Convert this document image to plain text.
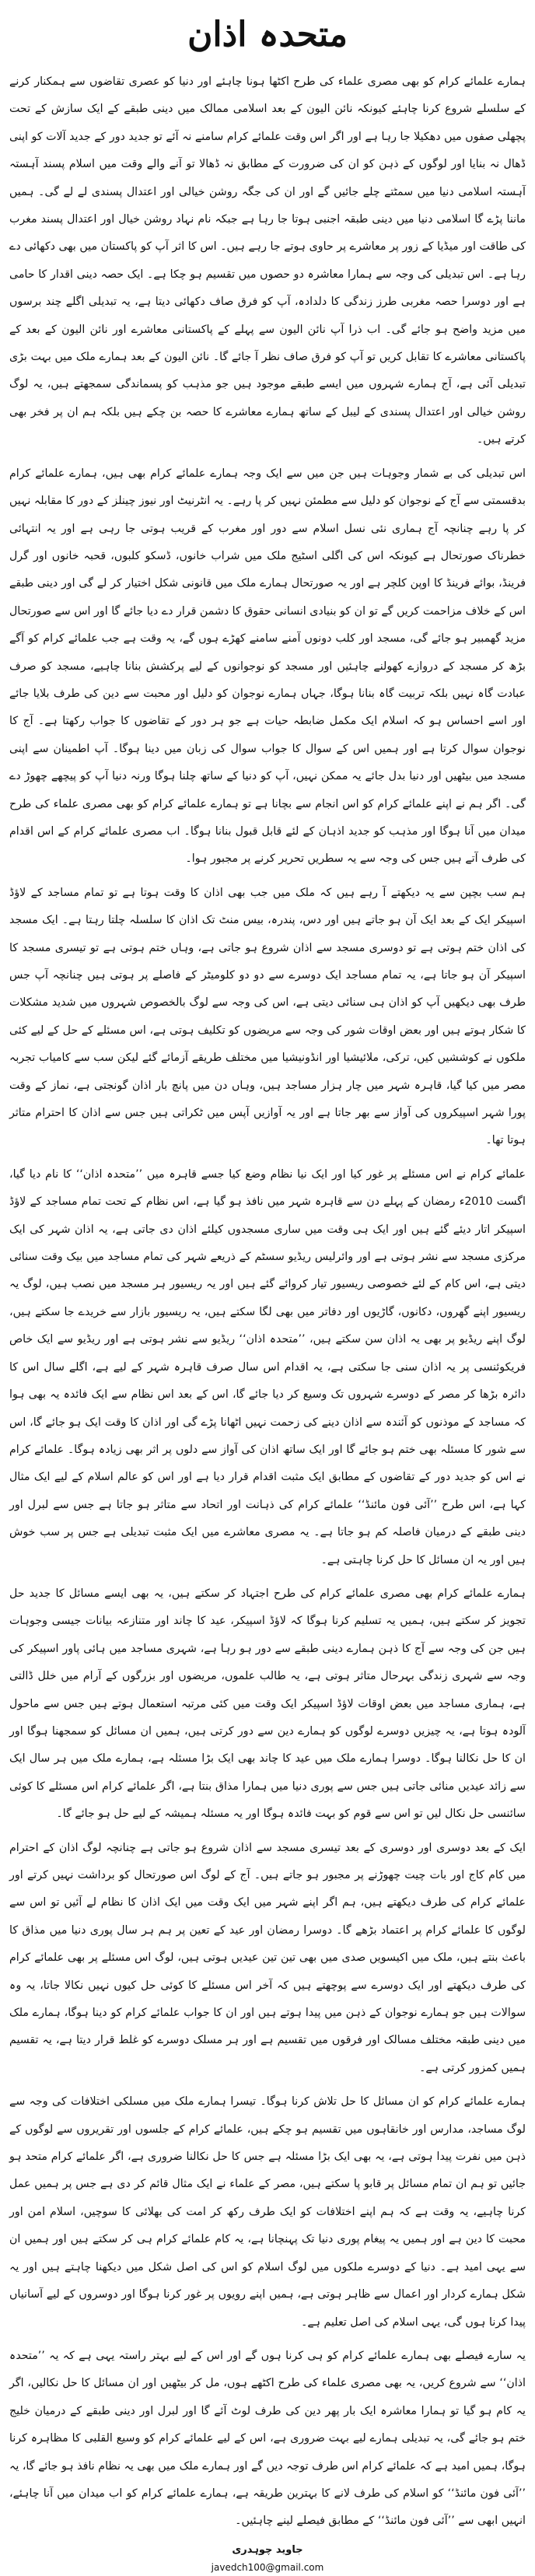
متحدہ اذان

ہمارے علمائے کرام کو بھی مصری علماء کی طرح اکٹھا ہونا چاہئے اور دنیا کو عصری تقاضوں سے ہمکنار کرنے کے سلسلے شروع کرنا چاہئے کیونکہ نائن الیون کے بعد اسلامی ممالک میں دینی طبقے کے ایک سازش کے تحت پچھلی صفوں میں دھکیلا جا رہا ہے اور اگر اس وقت علمائے کرام سامنے نہ آئے تو جدید دور کے جدید آلات کو اپنی ڈھال نہ بنایا اور لوگوں کے ذہن کو ان کی ضرورت کے مطابق نہ ڈھالا تو آنے والے وقت میں اسلام پسند آہستہ آہستہ اسلامی دنیا میں سمٹتے چلے جائیں گے اور ان کی جگہ روشن خیالی اور اعتدال پسندی لے لے گی۔ ہمیں ماننا پڑے گا اسلامی دنیا میں دینی طبقہ اجنبی ہوتا جا رہا ہے جبکہ نام نہاد روشن خیال اور اعتدال پسند مغرب کی طاقت اور میڈیا کے زور پر معاشرے پر حاوی ہوتے جا رہے ہیں۔ اس کا اثر آپ کو پاکستان میں بھی دکھائی دے رہا ہے۔ اس تبدیلی کی وجہ سے ہمارا معاشرہ دو حصوں میں تقسیم ہو چکا ہے۔ ایک حصہ دینی اقدار کا حامی ہے اور دوسرا حصہ مغربی طرز زندگی کا دلدادہ، آپ کو فرق صاف دکھائی دیتا ہے، یہ تبدیلی اگلے چند برسوں میں مزید واضح ہو جائے گی۔ اب ذرا آپ نائن الیون سے پہلے کے پاکستانی معاشرے اور نائن الیون کے بعد کے پاکستانی معاشرے کا تقابل کریں تو آپ کو فرق صاف نظر آ جائے گا۔ نائن الیون کے بعد ہمارے ملک میں بہت بڑی تبدیلی آئی ہے، آج ہمارے شہروں میں ایسے طبقے موجود ہیں جو مذہب کو پسماندگی سمجھتے ہیں، یہ لوگ روشن خیالی اور اعتدال پسندی کے لیبل کے ساتھ ہمارے معاشرے کا حصہ بن چکے ہیں بلکہ ہم ان پر فخر بھی کرتے ہیں۔

اس تبدیلی کی بے شمار وجوہات ہیں جن میں سے ایک وجہ ہمارے علمائے کرام بھی ہیں، ہمارے علمائے کرام بدقسمتی سے آج کے نوجوان کو دلیل سے مطمئن نہیں کر پا رہے۔ یہ انٹرنیٹ اور نیوز چینلز کے دور کا مقابلہ نہیں کر پا رہے چنانچہ آج ہماری نئی نسل اسلام سے دور اور مغرب کے قریب ہوتی جا رہی ہے اور یہ انتہائی خطرناک صورتحال ہے کیونکہ اس کی اگلی اسٹیج ملک میں شراب خانوں، ڈسکو کلبوں، قحبہ خانوں اور گرل فرینڈ، بوائے فرینڈ کا اوپن کلچر ہے اور یہ صورتحال ہمارے ملک میں قانونی شکل اختیار کر لے گی اور دینی طبقے اس کے خلاف مزاحمت کریں گے تو ان کو بنیادی انسانی حقوق کا دشمن قرار دے دیا جائے گا اور اس سے صورتحال مزید گھمبیر ہو جائے گی، مسجد اور کلب دونوں آمنے سامنے کھڑے ہوں گے، یہ وقت ہے جب علمائے کرام کو آگے بڑھ کر مسجد کے دروازے کھولنے چاہئیں اور مسجد کو نوجوانوں کے لیے پرکشش بنانا چاہیے، مسجد کو صرف عبادت گاہ نہیں بلکہ تربیت گاہ بنانا ہوگا، جہاں ہمارے نوجوان کو دلیل اور محبت سے دین کی طرف بلایا جائے اور اسے احساس ہو کہ اسلام ایک مکمل ضابطہ حیات ہے جو ہر دور کے تقاضوں کا جواب رکھتا ہے۔ آج کا نوجوان سوال کرتا ہے اور ہمیں اس کے سوال کا جواب سوال کی زبان میں دینا ہوگا۔ آپ اطمینان سے اپنی مسجد میں بیٹھیں اور دنیا بدل جائے یہ ممکن نہیں، آپ کو دنیا کے ساتھ چلنا ہوگا ورنہ دنیا آپ کو پیچھے چھوڑ دے گی۔ اگر ہم نے اپنے علمائے کرام کو اس انجام سے بچانا ہے تو ہمارے علمائے کرام کو بھی مصری علماء کی طرح میدان میں آنا ہوگا اور مذہب کو جدید اذہان کے لئے قابل قبول بنانا ہوگا۔ اب مصری علمائے کرام کے اس اقدام کی طرف آتے ہیں جس کی وجہ سے یہ سطریں تحریر کرنے پر مجبور ہوا۔

ہم سب بچپن سے یہ دیکھتے آ رہے ہیں کہ ملک میں جب بھی اذان کا وقت ہوتا ہے تو تمام مساجد کے لاؤڈ اسپیکر ایک کے بعد ایک آن ہو جاتے ہیں اور دس، پندرہ، بیس منٹ تک اذان کا سلسلہ چلتا رہتا ہے۔ ایک مسجد کی اذان ختم ہوتی ہے تو دوسری مسجد سے اذان شروع ہو جاتی ہے، وہاں ختم ہوتی ہے تو تیسری مسجد کا اسپیکر آن ہو جاتا ہے، یہ تمام مساجد ایک دوسرے سے دو دو کلومیٹر کے فاصلے پر ہوتی ہیں چنانچہ آپ جس طرف بھی دیکھیں آپ کو اذان ہی سنائی دیتی ہے، اس کی وجہ سے لوگ بالخصوص شہروں میں شدید مشکلات کا شکار ہوتے ہیں اور بعض اوقات شور کی وجہ سے مریضوں کو تکلیف ہوتی ہے، اس مسئلے کے حل کے لیے کئی ملکوں نے کوششیں کیں، ترکی، ملائیشیا اور انڈونیشیا میں مختلف طریقے آزمائے گئے لیکن سب سے کامیاب تجربہ مصر میں کیا گیا، قاہرہ شہر میں چار ہزار مساجد ہیں، وہاں دن میں پانچ بار اذان گونجتی ہے، نماز کے وقت پورا شہر اسپیکروں کی آواز سے بھر جاتا ہے اور یہ آوازیں آپس میں ٹکراتی ہیں جس سے اذان کا احترام متاثر ہوتا تھا۔

علمائے کرام نے اس مسئلے پر غور کیا اور ایک نیا نظام وضع کیا جسے قاہرہ میں ’’متحدہ اذان‘‘ کا نام دیا گیا، اگست 2010ء رمضان کے پہلے دن سے قاہرہ شہر میں نافذ ہو گیا ہے، اس نظام کے تحت تمام مساجد کے لاؤڈ اسپیکر اتار دیئے گئے ہیں اور ایک ہی وقت میں ساری مسجدوں کیلئے اذان دی جاتی ہے، یہ اذان شہر کی ایک مرکزی مسجد سے نشر ہوتی ہے اور وائرلیس ریڈیو سسٹم کے ذریعے شہر کی تمام مساجد میں بیک وقت سنائی دیتی ہے، اس کام کے لئے خصوصی ریسیور تیار کروائے گئے ہیں اور یہ ریسیور ہر مسجد میں نصب ہیں، لوگ یہ ریسیور اپنے گھروں، دکانوں، گاڑیوں اور دفاتر میں بھی لگا سکتے ہیں، یہ ریسیور بازار سے خریدے جا سکتے ہیں، لوگ اپنے ریڈیو پر بھی یہ اذان سن سکتے ہیں، ’’متحدہ اذان‘‘ ریڈیو سے نشر ہوتی ہے اور ریڈیو سے ایک خاص فریکوئنسی پر یہ اذان سنی جا سکتی ہے، یہ اقدام اس سال صرف قاہرہ شہر کے لیے ہے، اگلے سال اس کا دائرہ بڑھا کر مصر کے دوسرے شہروں تک وسیع کر دیا جائے گا، اس کے بعد اس نظام سے ایک فائدہ یہ بھی ہوا کہ مساجد کے موذنوں کو آئندہ سے اذان دینے کی زحمت نہیں اٹھانا پڑے گی اور اذان کا وقت ایک ہو جائے گا، اس سے شور کا مسئلہ بھی ختم ہو جائے گا اور ایک ساتھ اذان کی آواز سے دلوں پر اثر بھی زیادہ ہوگا۔ علمائے کرام نے اس کو جدید دور کے تقاضوں کے مطابق ایک مثبت اقدام قرار دیا ہے اور اس کو عالم اسلام کے لیے ایک مثال کہا ہے، اس طرح ’’آئی فون مائنڈ‘‘ علمائے کرام کی ذہانت اور اتحاد سے متاثر ہو جاتا ہے جس سے لبرل اور دینی طبقے کے درمیان فاصلہ کم ہو جاتا ہے۔ یہ مصری معاشرے میں ایک مثبت تبدیلی ہے جس پر سب خوش ہیں اور یہ ان مسائل کا حل کرنا چاہتی ہے۔

ہمارے علمائے کرام بھی مصری علمائے کرام کی طرح اجتہاد کر سکتے ہیں، یہ بھی ایسے مسائل کا جدید حل تجویز کر سکتے ہیں، ہمیں یہ تسلیم کرنا ہوگا کہ لاؤڈ اسپیکر، عید کا چاند اور متنازعہ بیانات جیسی وجوہات ہیں جن کی وجہ سے آج کا ذہن ہمارے دینی طبقے سے دور ہو رہا ہے، شہری مساجد میں ہائی پاور اسپیکر کی وجہ سے شہری زندگی بہرحال متاثر ہوتی ہے، یہ طالب علموں، مریضوں اور بزرگوں کے آرام میں خلل ڈالتی ہے، ہماری مساجد میں بعض اوقات لاؤڈ اسپیکر ایک وقت میں کئی مرتبہ استعمال ہوتے ہیں جس سے ماحول آلودہ ہوتا ہے، یہ چیزیں دوسرے لوگوں کو ہمارے دین سے دور کرتی ہیں، ہمیں ان مسائل کو سمجھنا ہوگا اور ان کا حل نکالنا ہوگا۔ دوسرا ہمارے ملک میں عید کا چاند بھی ایک بڑا مسئلہ ہے، ہمارے ملک میں ہر سال ایک سے زائد عیدیں منائی جاتی ہیں جس سے پوری دنیا میں ہمارا مذاق بنتا ہے، اگر علمائے کرام اس مسئلے کا کوئی سائنسی حل نکال لیں تو اس سے قوم کو بہت فائدہ ہوگا اور یہ مسئلہ ہمیشہ کے لیے حل ہو جائے گا۔

ایک کے بعد دوسری اور دوسری کے بعد تیسری مسجد سے اذان شروع ہو جاتی ہے چنانچہ لوگ اذان کے احترام میں کام کاج اور بات چیت چھوڑنے پر مجبور ہو جاتے ہیں۔ آج کے لوگ اس صورتحال کو برداشت نہیں کرتے اور علمائے کرام کی طرف دیکھتے ہیں، ہم اگر اپنے شہر میں ایک وقت میں ایک اذان کا نظام لے آئیں تو اس سے لوگوں کا علمائے کرام پر اعتماد بڑھے گا۔ دوسرا رمضان اور عید کے تعین پر ہم ہر سال پوری دنیا میں مذاق کا باعث بنتے ہیں، ملک میں اکیسویں صدی میں بھی تین تین عیدیں ہوتی ہیں، لوگ اس مسئلے پر بھی علمائے کرام کی طرف دیکھتے اور ایک دوسرے سے پوچھتے ہیں کہ آخر اس مسئلے کا کوئی حل کیوں نہیں نکالا جاتا، یہ وہ سوالات ہیں جو ہمارے نوجوان کے ذہن میں پیدا ہوتے ہیں اور ان کا جواب علمائے کرام کو دینا ہوگا، ہمارے ملک میں دینی طبقہ مختلف مسالک اور فرقوں میں تقسیم ہے اور ہر مسلک دوسرے کو غلط قرار دیتا ہے، یہ تقسیم ہمیں کمزور کرتی ہے۔

ہمارے علمائے کرام کو ان مسائل کا حل تلاش کرنا ہوگا۔ تیسرا ہمارے ملک میں مسلکی اختلافات کی وجہ سے لوگ مساجد، مدارس اور خانقاہوں میں تقسیم ہو چکے ہیں، علمائے کرام کے جلسوں اور تقریروں سے لوگوں کے ذہن میں نفرت پیدا ہوتی ہے، یہ بھی ایک بڑا مسئلہ ہے جس کا حل نکالنا ضروری ہے، اگر علمائے کرام متحد ہو جائیں تو ہم ان تمام مسائل پر قابو پا سکتے ہیں، مصر کے علماء نے ایک مثال قائم کر دی ہے جس پر ہمیں عمل کرنا چاہیے، یہ وقت ہے کہ ہم اپنے اختلافات کو ایک طرف رکھ کر امت کی بھلائی کا سوچیں، اسلام امن اور محبت کا دین ہے اور ہمیں یہ پیغام پوری دنیا تک پہنچانا ہے، یہ کام علمائے کرام ہی کر سکتے ہیں اور ہمیں ان سے یہی امید ہے۔ دنیا کے دوسرے ملکوں میں لوگ اسلام کو اس کی اصل شکل میں دیکھنا چاہتے ہیں اور یہ شکل ہمارے کردار اور اعمال سے ظاہر ہوتی ہے، ہمیں اپنے رویوں پر غور کرنا ہوگا اور دوسروں کے لیے آسانیاں پیدا کرنا ہوں گی، یہی اسلام کی اصل تعلیم ہے۔

یہ سارے فیصلے بھی ہمارے علمائے کرام کو ہی کرنا ہوں گے اور اس کے لیے بہتر راستہ یہی ہے کہ یہ ’’متحدہ اذان‘‘ سے شروع کریں، یہ بھی مصری علماء کی طرح اکٹھے ہوں، مل کر بیٹھیں اور ان مسائل کا حل نکالیں، اگر یہ کام ہو گیا تو ہمارا معاشرہ ایک بار پھر دین کی طرف لوٹ آئے گا اور لبرل اور دینی طبقے کے درمیان خلیج ختم ہو جائے گی، یہ تبدیلی ہمارے لیے بہت ضروری ہے، اس کے لیے علمائے کرام کو وسیع القلبی کا مظاہرہ کرنا ہوگا، ہمیں امید ہے کہ علمائے کرام اس طرف توجہ دیں گے اور ہمارے ملک میں بھی یہ نظام نافذ ہو جائے گا، یہ ’’آئی فون مائنڈ‘‘ کو اسلام کی طرف لانے کا بہترین طریقہ ہے، ہمارے علمائے کرام کو اب میدان میں آنا چاہئے، انہیں ابھی سے ’’آئی فون مائنڈ‘‘ کے مطابق فیصلے لینے چاہئیں۔

جاوید چوہدری
javedch100@gmail.com
